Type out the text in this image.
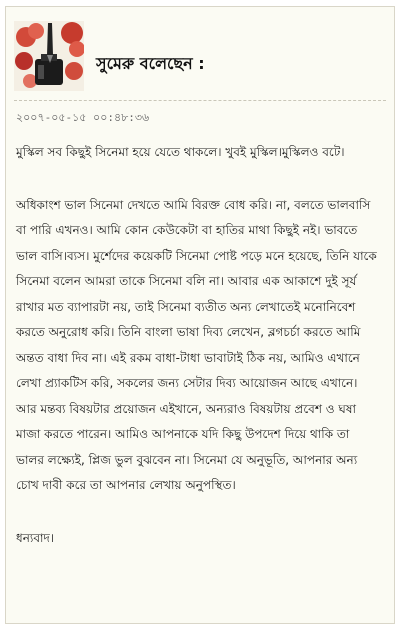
সুমেরু বলেছেন :
২০০৭-০৫-১৫ ০০:৪৮:৩৬

মুস্কিল সব কিছুই সিনেমা হয়ে যেতে থাকলে। খুবই মুস্কিল।মুস্কিলও বটে।

অধিকাংশ ভাল সিনেমা দেখতে আমি বিরক্ত বোধ করি। না, বলতে ভালবাসি বা পারি এখনও। আমি কোন কেউকেটা বা হাতির মাথা কিছুই নই। ভাবতে ভাল বাসি।ব্যস। মুর্শেদের কয়েকটি সিনেমা পোষ্ট পড়ে মনে হয়েছে, তিনি যাকে সিনেমা বলেন আমরা তাকে সিনেমা বলি না। আবার এক আকাশে দুই সূর্য রাখার মত ব্যাপারটা নয়, তাই সিনেমা ব্যতীত অন্য লেখাতেই মনোনিবেশ করতে অনুরোধ করি। তিনি বাংলা ভাষা দিব্য লেখেন, ব্লগচর্চা করতে আমি অন্তত বাধা দিব না। এই রকম বাধা-টাধা ভাবাটাই ঠিক নয়, আমিও এখানে লেখা প্র্যাকটিস করি, সকলের জন্য সেটার দিব্য আয়োজন আছে এখানে। আর মন্তব্য বিষয়টার প্রয়োজন এইখানে, অন্যরাও বিষয়টায় প্রবেশ ও ঘষা মাজা করতে পারেন। আমিও আপনাকে যদি কিছু উপদেশ দিয়ে থাকি তা ভালর লক্ষ্যেই, প্লিজ ভুল বুঝবেন না। সিনেমা যে অনুভূতি, আপনার অন্য চোখ দাবী করে তা আপনার লেখায় অনুপস্থিত।

ধন্যবাদ।
